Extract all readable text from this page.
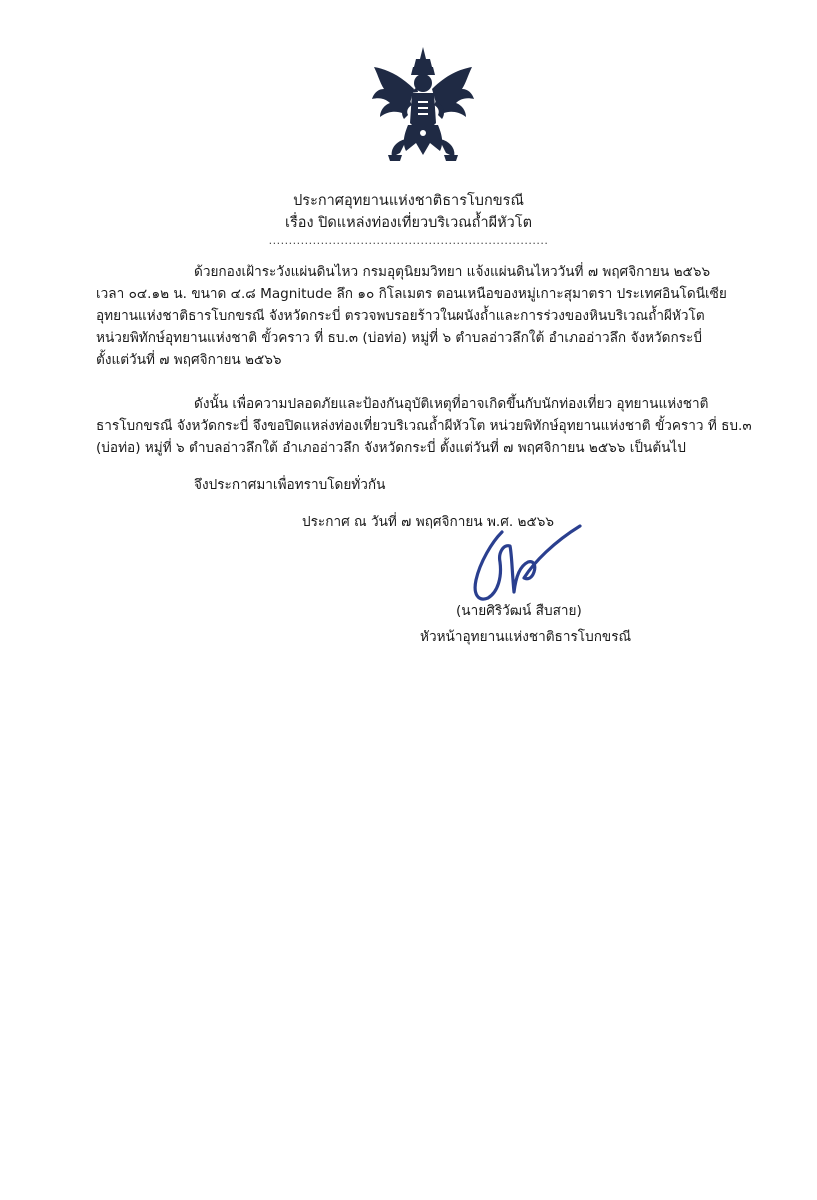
ประกาศอุทยานแห่งชาติธารโบกขรณี
เรื่อง ปิดแหล่งท่องเที่ยวบริเวณถ้ำผีหัวโต
......................................................................
ด้วยกองเฝ้าระวังแผ่นดินไหว กรมอุตุนิยมวิทยา แจ้งแผ่นดินไหววันที่ ๗ พฤศจิกายน ๒๕๖๖
เวลา ๐๔.๑๒ น. ขนาด ๔.๘ Magnitude ลึก ๑๐ กิโลเมตร ตอนเหนือของหมู่เกาะสุมาตรา ประเทศอินโดนีเซีย
อุทยานแห่งชาติธารโบกขรณี จังหวัดกระบี่ ตรวจพบรอยร้าวในผนังถ้ำและการร่วงของหินบริเวณถ้ำผีหัวโต
หน่วยพิทักษ์อุทยานแห่งชาติ ขั้วคราว ที่ ธบ.๓ (บ่อท่อ) หมู่ที่ ๖ ตำบลอ่าวลึกใต้ อำเภออ่าวลึก จังหวัดกระบี่
ตั้งแต่วันที่ ๗ พฤศจิกายน ๒๕๖๖
ดังนั้น เพื่อความปลอดภัยและป้องกันอุบัติเหตุที่อาจเกิดขึ้นกับนักท่องเที่ยว อุทยานแห่งชาติ
ธารโบกขรณี จังหวัดกระบี่ จึงขอปิดแหล่งท่องเที่ยวบริเวณถ้ำผีหัวโต หน่วยพิทักษ์อุทยานแห่งชาติ ขั้วคราว ที่ ธบ.๓
(บ่อท่อ) หมู่ที่ ๖ ตำบลอ่าวลึกใต้ อำเภออ่าวลึก จังหวัดกระบี่ ตั้งแต่วันที่ ๗ พฤศจิกายน ๒๕๖๖ เป็นต้นไป
จึงประกาศมาเพื่อทราบโดยทั่วกัน
ประกาศ ณ วันที่ ๗ พฤศจิกายน พ.ศ. ๒๕๖๖
(นายศิริวัฒน์ สืบสาย)
หัวหน้าอุทยานแห่งชาติธารโบกขรณี
